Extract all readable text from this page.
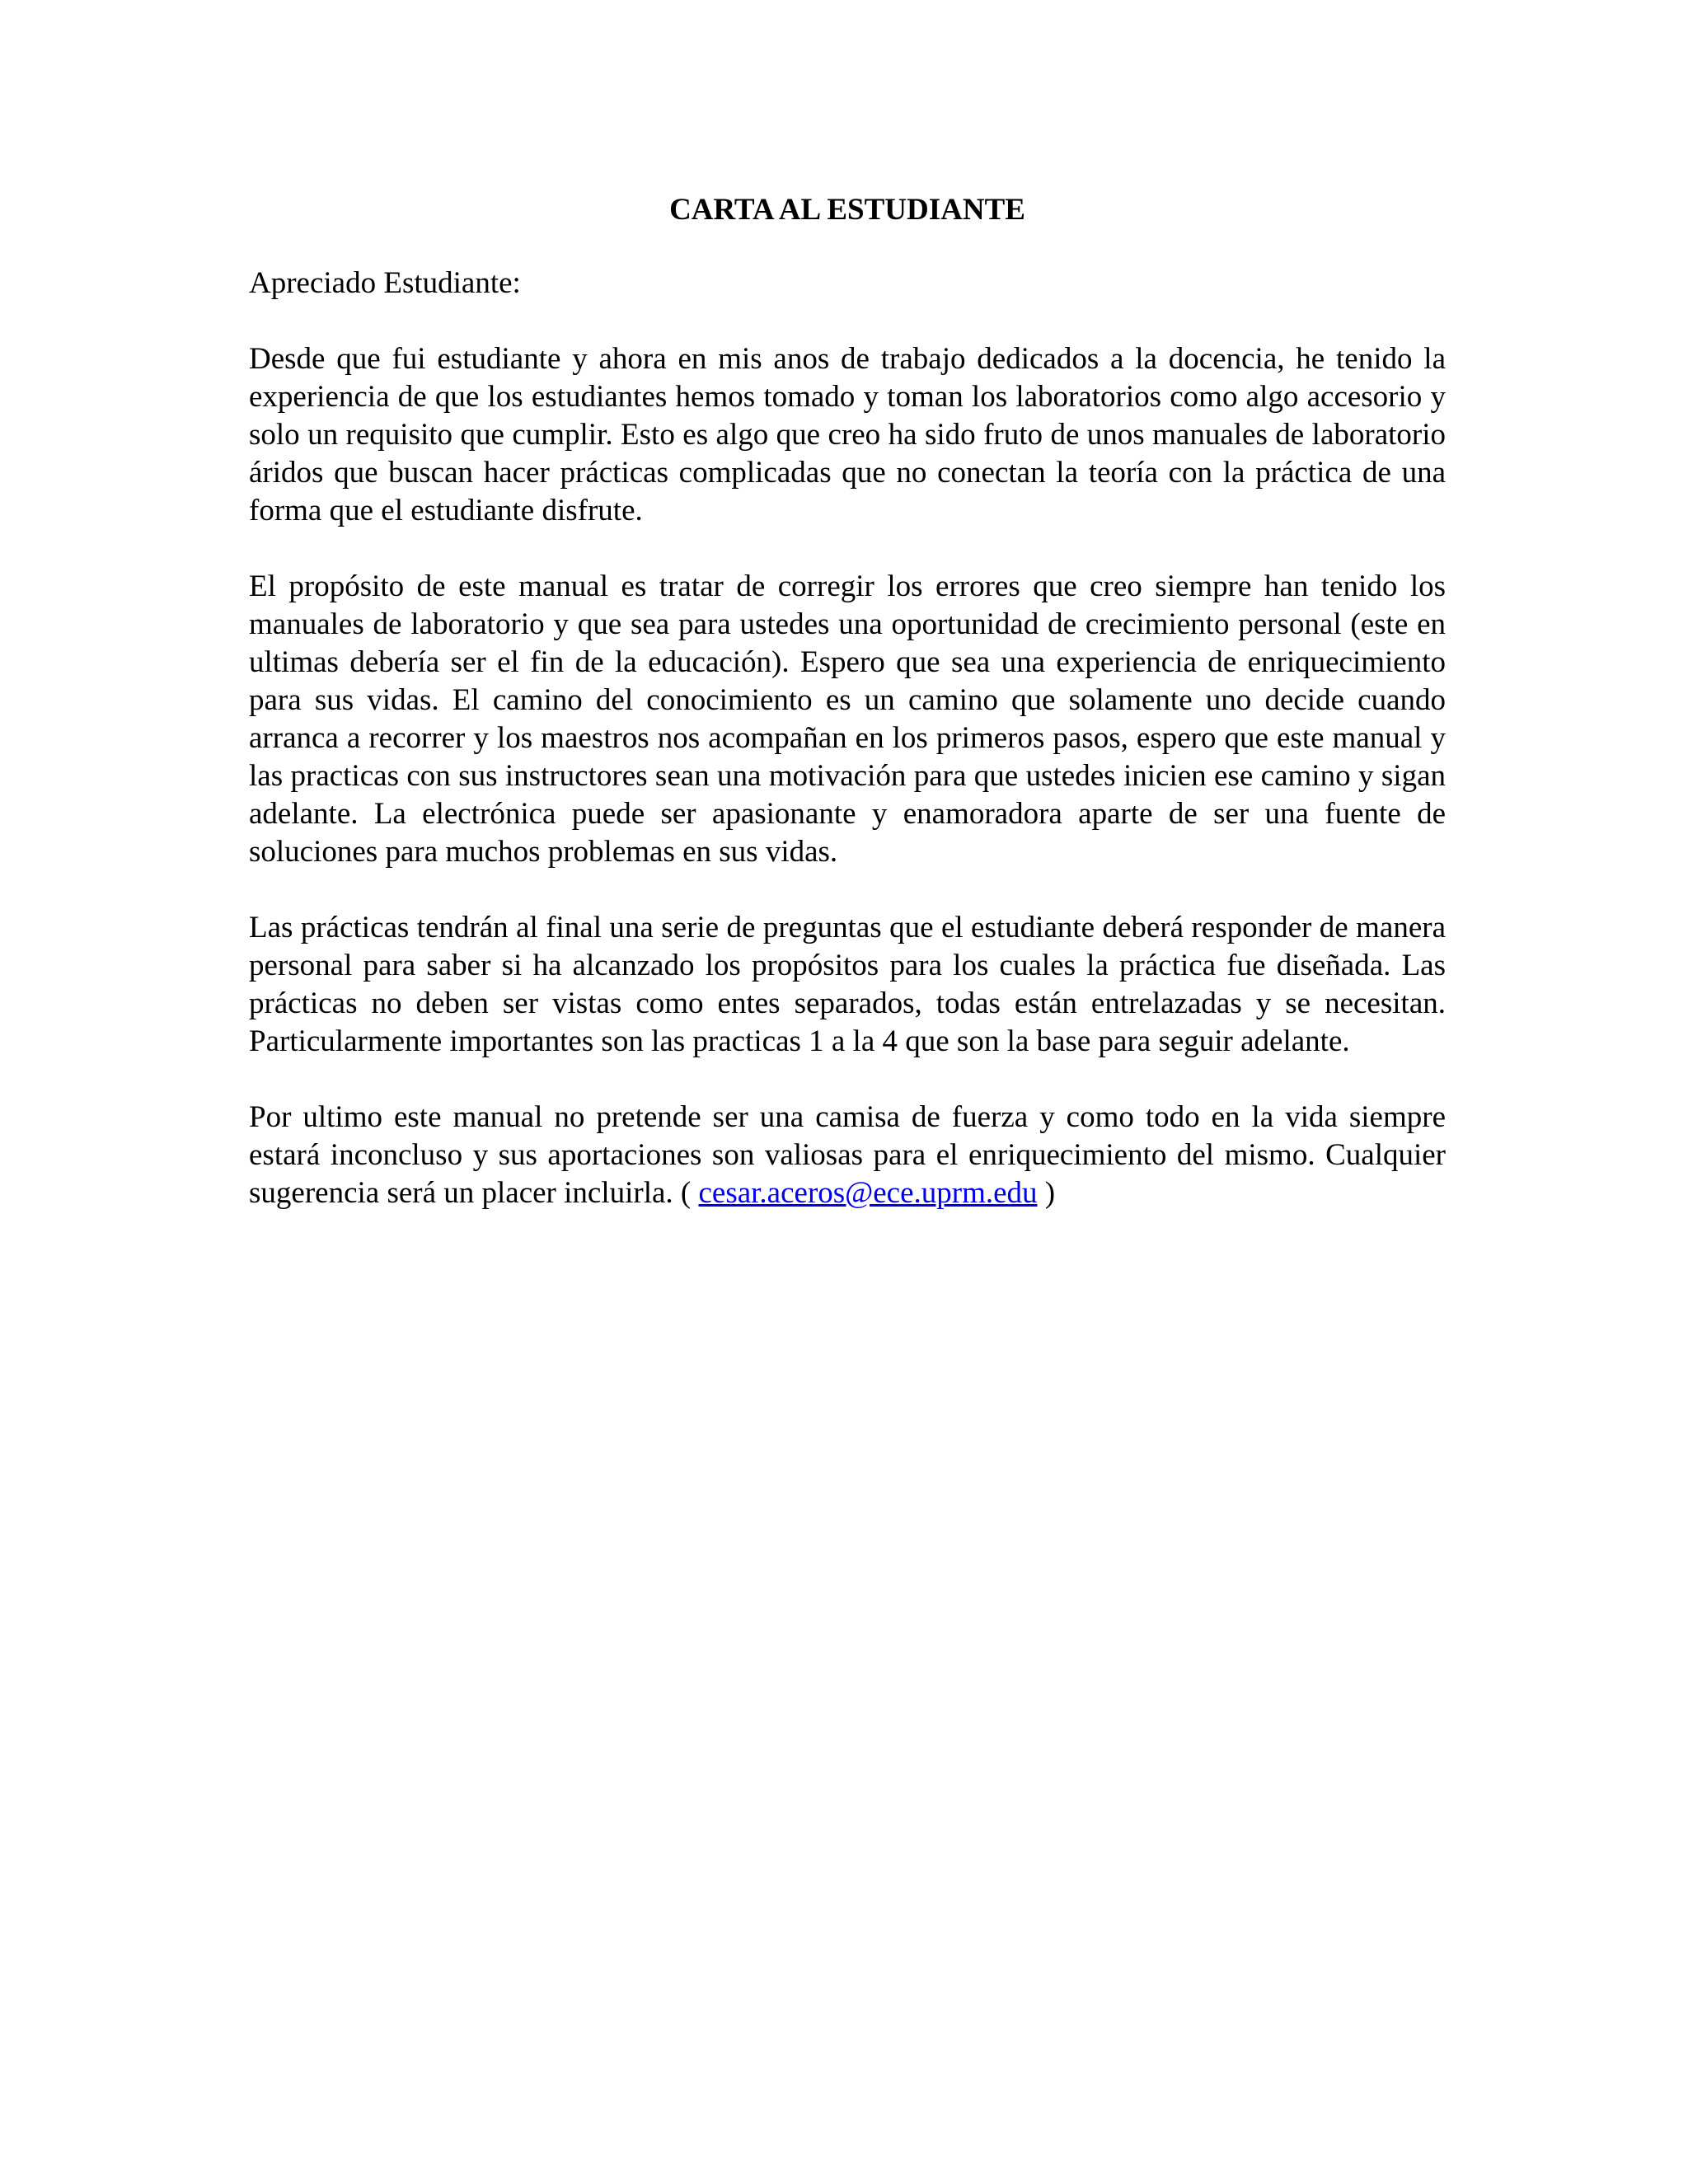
CARTA AL ESTUDIANTE

Apreciado Estudiante:

Desde que fui estudiante y ahora en mis anos de trabajo dedicados a la docencia, he tenido la experiencia de que los estudiantes hemos tomado y toman los laboratorios como algo accesorio y solo un requisito que cumplir. Esto es algo que creo ha sido fruto de unos manuales de laboratorio áridos que buscan hacer prácticas complicadas que no conectan la teoría con la práctica de una forma que el estudiante disfrute.

El propósito de este manual es tratar de corregir los errores que creo siempre han tenido los manuales de laboratorio y que sea para ustedes una oportunidad de crecimiento personal (este en ultimas debería ser el fin de la educación). Espero que sea una experiencia de enriquecimiento para sus vidas. El camino del conocimiento es un camino que solamente uno decide cuando arranca a recorrer y los maestros nos acompañan en los primeros pasos, espero que este manual y las practicas con sus instructores sean una motivación para que ustedes inicien ese camino y sigan adelante. La electrónica puede ser apasionante y enamoradora aparte de ser una fuente de soluciones para muchos problemas en sus vidas.

Las prácticas tendrán al final una serie de preguntas que el estudiante deberá responder de manera personal para saber si ha alcanzado los propósitos para los cuales la práctica fue diseñada. Las prácticas no deben ser vistas como entes separados, todas están entrelazadas y se necesitan. Particularmente importantes son las practicas 1 a la 4 que son la base para seguir adelante.

Por ultimo este manual no pretende ser una camisa de fuerza y como todo en la vida siempre estará inconcluso y sus aportaciones son valiosas para el enriquecimiento del mismo. Cualquier sugerencia será un placer incluirla. ( cesar.aceros@ece.uprm.edu )
